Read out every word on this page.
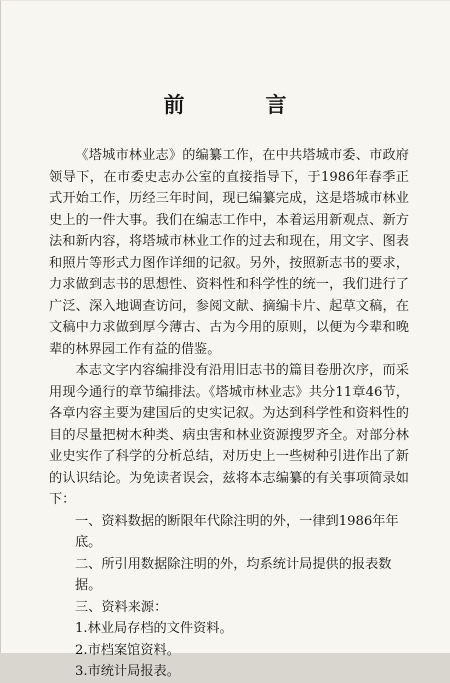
前　言

《塔城市林业志》的编纂工作，在中共塔城市委、市政府领导下，在市委史志办公室的直接指导下，于1986年春季正式开始工作，历经三年时间，现已编纂完成，这是塔城市林业史上的一件大事。我们在编志工作中，本着运用新观点、新方法和新内容，将塔城市林业工作的过去和现在，用文字、图表和照片等形式力图作详细的记叙。另外，按照新志书的要求，力求做到志书的思想性、资料性和科学性的统一，我们进行了广泛、深入地调查访问，参阅文献、摘编卡片、起草文稿，在文稿中力求做到厚今薄古、古为今用的原则，以便为今辈和晚辈的林界园工作有益的借鉴。

本志文字内容编排没有沿用旧志书的篇目卷册次序，而采用现今通行的章节编排法。《塔城市林业志》共分11章46节，各章内容主要为建国后的史实记叙。为达到科学性和资料性的目的尽量把树木种类、病虫害和林业资源搜罗齐全。对部分林业史实作了科学的分析总结，对历史上一些树种引进作出了新的认识结论。为免读者误会，兹将本志编纂的有关事项简录如下：

一、资料数据的断限年代除注明的外，一律到1986年年底。

二、所引用数据除注明的外，均系统计局提供的报表数据。

三、资料来源：

1.林业局存档的文件资料。

2.市档案馆资料。

3.市统计局报表。
